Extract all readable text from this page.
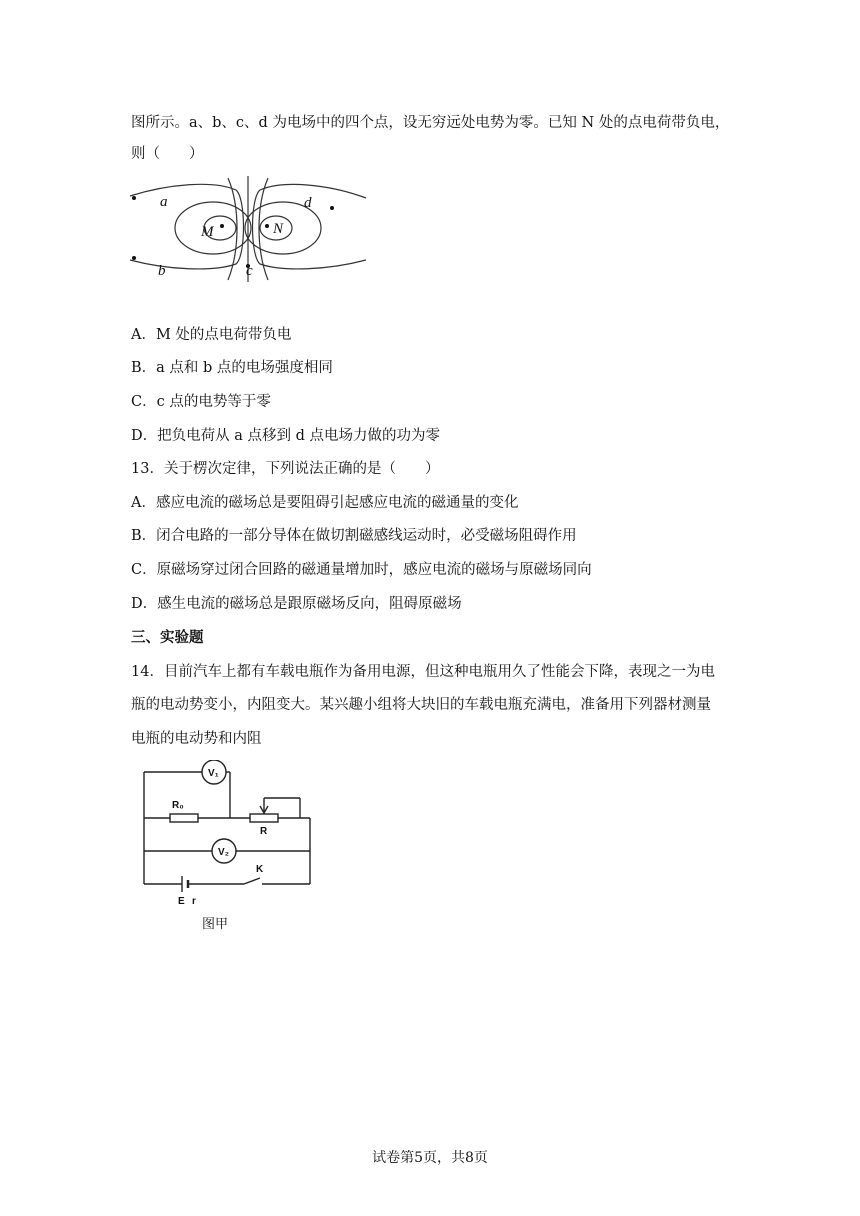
图所示。a、b、c、d 为电场中的四个点，设无穷远处电势为零。已知 N 处的点电荷带负电，
则（　　）
a
b	c
d
M	N
A．M 处的点电荷带负电
B．a 点和 b 点的电场强度相同
C．c 点的电势等于零
D．把负电荷从 a 点移到 d 点电场力做的功为零
13．关于楞次定律，下列说法正确的是（　　）
A．感应电流的磁场总是要阻碍引起感应电流的磁通量的变化
B．闭合电路的一部分导体在做切割磁感线运动时，必受磁场阻碍作用
C．原磁场穿过闭合回路的磁通量增加时，感应电流的磁场与原磁场同向
D．感生电流的磁场总是跟原磁场反向，阻碍原磁场
三、实验题
14．目前汽车上都有车载电瓶作为备用电源，但这种电瓶用久了性能会下降，表现之一为电
瓶的电动势变小，内阻变大。某兴趣小组将大块旧的车载电瓶充满电，准备用下列器材测量
电瓶的电动势和内阻
V₁
V₂
R₀
R
K
E r
图甲
试卷第5页，共8页
